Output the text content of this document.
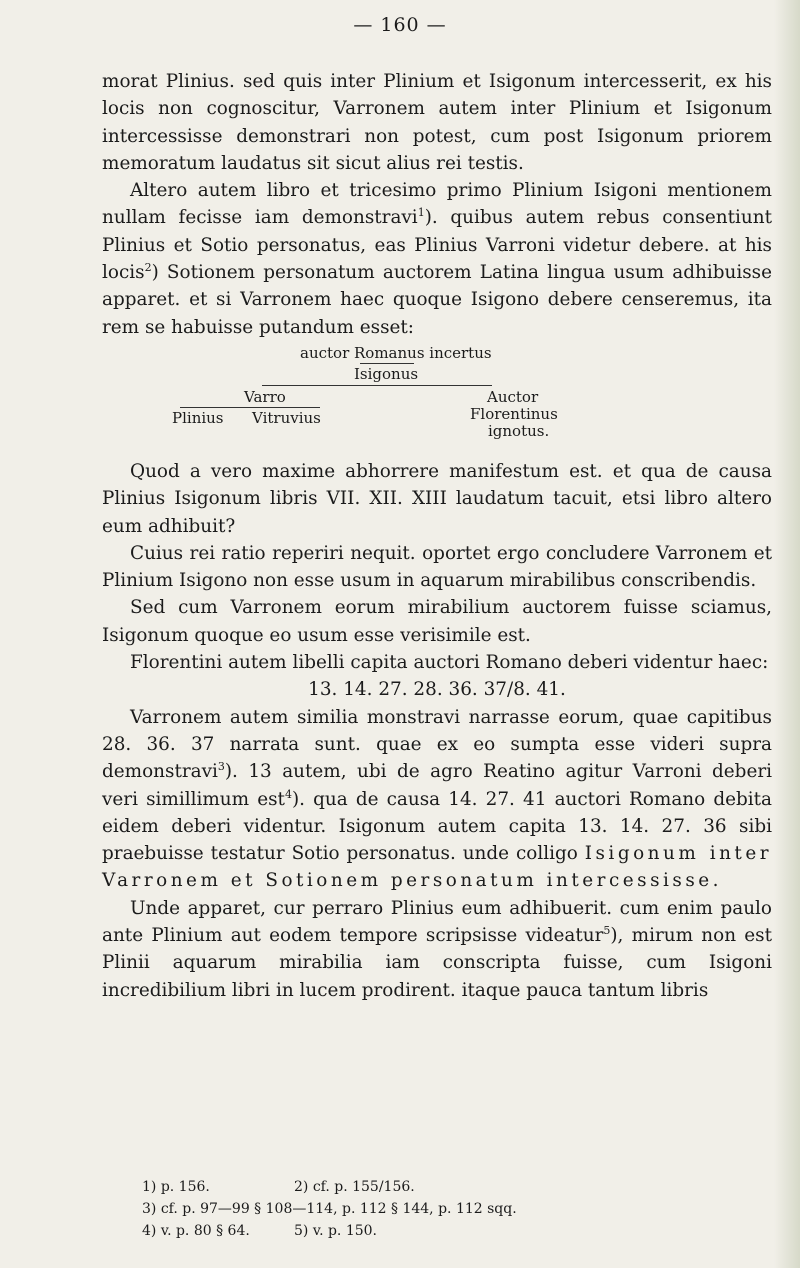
— 160 —

morat Plinius. sed quis inter Plinium et Isigonum intercesserit, ex his locis non cognoscitur, Varronem autem inter Plinium et Isigonum intercessisse demonstrari non potest, cum post Isigonum priorem memoratum laudatus sit sicut alius rei testis.

Altero autem libro et tricesimo primo Plinium Isigoni mentionem nullam fecisse iam demonstravi$^1$). quibus autem rebus consentiunt Plinius et Sotio personatus, eas Plinius Varroni videtur debere. at his locis$^2$) Sotionem personatum auctorem Latina lingua usum adhibuisse apparet. et si Varronem haec quoque Isigono debere censeremus, ita rem se habuisse putandum esset:

auctor Romanus incertus
Isigonus
Varro	Auctor
Plinius Vitruvius	Florentinus
ignotus.

Quod a vero maxime abhorrere manifestum est. et qua de causa Plinius Isigonum libris VII. XII. XIII laudatum tacuit, etsi libro altero eum adhibuit?

Cuius rei ratio reperiri nequit. oportet ergo concludere Varronem et Plinium Isigono non esse usum in aquarum mirabilibus conscribendis.

Sed cum Varronem eorum mirabilium auctorem fuisse sciamus, Isigonum quoque eo usum esse verisimile est.

Florentini autem libelli capita auctori Romano deberi videntur haec:

13. 14. 27. 28. 36. 37/8. 41.

Varronem autem similia monstravi narrasse eorum, quae capitibus 28. 36. 37 narrata sunt. quae ex eo sumpta esse videri supra demonstravi$^3$). 13 autem, ubi de agro Reatino agitur Varroni deberi veri simillimum est$^4$). qua de causa 14. 27. 41 auctori Romano debita eidem deberi videntur. Isigonum autem capita 13. 14. 27. 36 sibi praebuisse testatur Sotio personatus. unde colligo Isigonum inter Varronem et Sotionem personatum intercessisse.

Unde apparet, cur perraro Plinius eum adhibuerit. cum enim paulo ante Plinium aut eodem tempore scripsisse videatur$^5$), mirum non est Plinii aquarum mirabilia iam conscripta fuisse, cum Isigoni incredibilium libri in lucem prodirent. itaque pauca tantum libris

1) p. 156.	2) cf. p. 155/156.
3) cf. p. 97—99 § 108—114, p. 112 § 144, p. 112 sqq.
4) v. p. 80 § 64.	5) v. p. 150.
